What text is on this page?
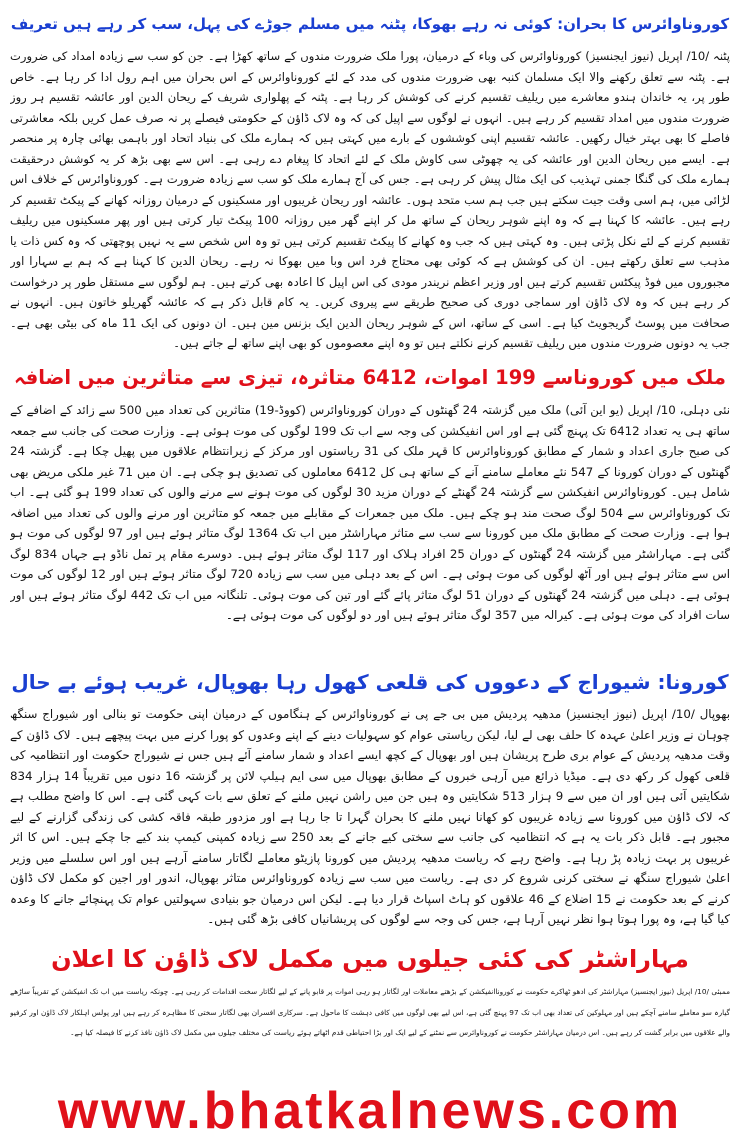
کوروناوائرس کا بحران: کوئی نہ رہے بھوکا، پٹنہ میں مسلم جوڑے کی پہل، سب کر رہے ہیں تعریف

پٹنہ /10/ اپریل (نیوز ایجنسیز) کوروناوائرس کی وباء کے درمیان، پورا ملک ضرورت مندوں کے ساتھ کھڑا ہے۔ جن کو سب سے زیادہ امداد کی ضرورت ہے۔ پٹنہ سے تعلق رکھنے والا ایک مسلمان کنبہ بھی ضرورت مندوں کی مدد کے لئے کوروناوائرس کے اس بحران میں اہم رول ادا کر رہا ہے۔ خاص طور پر، یہ خاندان ہندو معاشرے میں ریلیف تقسیم کرنے کی کوشش کر رہا ہے۔ پٹنہ کے پھلواری شریف کے ریحان الدین اور عائشہ تقسیم ہر روز ضرورت مندوں میں امداد تقسیم کر رہے ہیں۔ انہوں نے لوگوں سے اپیل کی کہ وہ لاک ڈاؤن کے حکومتی فیصلے پر نہ صرف عمل کریں بلکہ معاشرتی فاصلے کا بھی بہتر خیال رکھیں۔ عائشہ تقسیم اپنی کوششوں کے بارے میں کہتی ہیں کہ ہمارے ملک کی بنیاد اتحاد اور باہمی بھائی چارہ پر منحصر ہے۔ ایسے میں ریحان الدین اور عائشہ کی یہ چھوٹی سی کاوش ملک کے لئے اتحاد کا پیغام دے رہی ہے۔ اس سے بھی بڑھ کر یہ کوشش درحقیقت ہمارے ملک کی گنگا جمنی تہذیب کی ایک مثال پیش کر رہی ہے۔ جس کی آج ہمارے ملک کو سب سے زیادہ ضرورت ہے۔ کوروناوائرس کے خلاف اس لڑائی میں، ہم اسی وقت جیت سکتے ہیں جب ہم سب متحد ہوں۔ عائشہ اور ریحان غریبوں اور مسکینوں کے درمیان روزانہ کھانے کے پیکٹ تقسیم کر رہے ہیں۔ عائشہ کا کہنا ہے کہ وہ اپنے شوہر ریحان کے ساتھ مل کر اپنے گھر میں روزانہ 100 پیکٹ تیار کرتی ہیں اور پھر مسکینوں میں ریلیف تقسیم کرنے کے لئے نکل پڑتی ہیں۔ وہ کہتی ہیں کہ جب وہ کھانے کا پیکٹ تقسیم کرتی ہیں تو وہ اس شخص سے یہ نہیں پوچھتی کہ وہ کس ذات یا مذہب سے تعلق رکھتے ہیں۔ ان کی کوشش ہے کہ کوئی بھی محتاج فرد اس وبا میں بھوکا نہ رہے۔ ریحان الدین کا کہنا ہے کہ ہم بے سہارا اور مجبوروں میں فوڈ پیکٹس تقسیم کرتے ہیں اور وزیر اعظم نریندر مودی کی اس اپیل کا اعادہ بھی کرتے ہیں۔ ہم لوگوں سے مستقل طور پر درخواست کر رہے ہیں کہ وہ لاک ڈاؤن اور سماجی دوری کی صحیح طریقے سے پیروی کریں۔ یہ کام قابل ذکر ہے کہ عائشہ گھریلو خاتون ہیں۔ انہوں نے صحافت میں پوسٹ گریجویٹ کیا ہے۔ اسی کے ساتھ، اس کے شوہر ریحان الدین ایک بزنس مین ہیں۔ ان دونوں کی ایک 11 ماہ کی بیٹی بھی ہے۔ جب یہ دونوں ضرورت مندوں میں ریلیف تقسیم کرنے نکلتے ہیں تو وہ اپنے معصوموں کو بھی اپنے ساتھ لے جاتے ہیں۔

ملک میں کوروناسے 199 اموات، 6412 متاثرہ، تیزی سے متاثرین میں اضافہ

نئی دہلی، 10/ اپریل (یو این آئی) ملک میں گزشتہ 24 گھنٹوں کے دوران کوروناوائرس (کووڈ-19) متاثرین کی تعداد میں 500 سے زائد کے اضافے کے ساتھ ہی یہ تعداد 6412 تک پہنچ گئی ہے اور اس انفیکشن کی وجہ سے اب تک 199 لوگوں کی موت ہوئی ہے۔ وزارت صحت کی جانب سے جمعہ کی صبح جاری اعداد و شمار کے مطابق کوروناوائرس کا قہر ملک کی 31 ریاستوں اور مرکز کے زیرانتظام علاقوں میں پھیل چکا ہے۔ گزشتہ 24 گھنٹوں کے دوران کورونا کے 547 نئے معاملے سامنے آنے کے ساتھ ہی کل 6412 معاملوں کی تصدیق ہو چکی ہے۔ ان میں 71 غیر ملکی مریض بھی شامل ہیں۔ کوروناوائرس انفیکشن سے گزشتہ 24 گھنٹے کے دوران مزید 30 لوگوں کی موت ہونے سے مرنے والوں کی تعداد 199 ہو گئی ہے۔ اب تک کوروناوائرس سے 504 لوگ صحت مند ہو چکے ہیں۔ ملک میں جمعرات کے مقابلے میں جمعہ کو متاثرین اور مرنے والوں کی تعداد میں اضافہ ہوا ہے۔ وزارت صحت کے مطابق ملک میں کورونا سے سب سے متاثر مہاراشٹر میں اب تک 1364 لوگ متاثر ہوئے ہیں اور 97 لوگوں کی موت ہو گئی ہے۔ مہاراشٹر میں گزشتہ 24 گھنٹوں کے دوران 25 افراد ہلاک اور 117 لوگ متاثر ہوئے ہیں۔ دوسرے مقام پر تمل ناڈو ہے جہاں 834 لوگ اس سے متاثر ہوئے ہیں اور آٹھ لوگوں کی موت ہوئی ہے۔ اس کے بعد دہلی میں سب سے زیادہ 720 لوگ متاثر ہوئے ہیں اور 12 لوگوں کی موت ہوئی ہے۔ دہلی میں گزشتہ 24 گھنٹوں کے دوران 51 لوگ متاثر پائے گئے اور تین کی موت ہوئی۔ تلنگانہ میں اب تک 442 لوگ متاثر ہوئے ہیں اور سات افراد کی موت ہوئی ہے۔ کیرالہ میں 357 لوگ متاثر ہوئے ہیں اور دو لوگوں کی موت ہوئی ہے۔

کورونا: شیوراج کے دعووں کی قلعی کھول رہا بھوپال، غریب ہوئے بے حال

بھوپال /10/ اپریل (نیوز ایجنسیز) مدھیہ پردیش میں بی جے پی نے کوروناوائرس کے ہنگاموں کے درمیان اپنی حکومت تو بنالی اور شیوراج سنگھ چوہان نے وزیر اعلیٰ عہدہ کا حلف بھی لے لیا، لیکن ریاستی عوام کو سہولیات دینے کے اپنے وعدوں کو پورا کرنے میں بہت پیچھے ہیں۔ لاک ڈاؤن کے وقت مدھیہ پردیش کے عوام بری طرح پریشان ہیں اور بھوپال کے کچھ ایسے اعداد و شمار سامنے آئے ہیں جس نے شیوراج حکومت اور انتظامیہ کی قلعی کھول کر رکھ دی ہے۔ میڈیا ذرائع میں آرہی خبروں کے مطابق بھوپال میں سی ایم ہیلپ لائن پر گزشتہ 16 دنوں میں تقریباً 14 ہزار 834 شکایتیں آئی ہیں اور ان میں سے 9 ہزار 513 شکایتیں وہ ہیں جن میں راشن نہیں ملنے کے تعلق سے بات کہی گئی ہے۔ اس کا واضح مطلب ہے کہ لاک ڈاؤن میں کورونا سے زیادہ غریبوں کو کھانا نہیں ملنے کا بحران گہرا تا جا رہا ہے اور مزدور طبقہ فاقہ کشی کی زندگی گزارنے کے لیے مجبور ہے۔ قابل ذکر بات یہ ہے کہ انتظامیہ کی جانب سے سختی کیے جانے کے بعد 250 سے زیادہ کمپنی کیمپ بند کیے جا چکے ہیں۔ اس کا اثر غریبوں پر بہت زیادہ پڑ رہا ہے۔ واضح رہے کہ ریاست مدھیہ پردیش میں کورونا پازیٹو معاملے لگاتار سامنے آرہے ہیں اور اس سلسلے میں وزیر اعلیٰ شیوراج سنگھ نے سختی کرنی شروع کر دی ہے۔ ریاست میں سب سے زیادہ کوروناوائرس متاثر بھوپال، اندور اور اجین کو مکمل لاک ڈاؤن کرنے کے بعد حکومت نے 15 اضلاع کے 46 علاقوں کو ہاٹ اسپاٹ قرار دیا ہے۔ لیکن اس درمیان جو بنیادی سہولتیں عوام تک پہنچائے جانے کا وعدہ کیا گیا ہے، وہ پورا ہوتا ہوا نظر نہیں آرہا ہے، جس کی وجہ سے لوگوں کی پریشانیاں کافی بڑھ گئی ہیں۔

مہاراشٹر کی کئی جیلوں میں مکمل لاک ڈاؤن کا اعلان

ممبئی /10/ اپریل (نیوز ایجنسیز) مہاراشٹر کی ادھو ٹھاکرے حکومت نے کوروناانفیکشن کے بڑھتے معاملات اور لگاتار ہو رہی اموات پر قابو پانے کے لیے لگاتار سخت اقدامات کر رہی ہے۔ چونکہ ریاست میں اب تک انفیکشن کے تقریباً ساڑھے گیارہ سو معاملے سامنے آچکے ہیں اور مہلوکین کی تعداد بھی اب تک 97 پہنچ گئی ہے، اس لیے بھی لوگوں میں کافی دہشت کا ماحول ہے۔ سرکاری افسران بھی لگاتار سختی کا مظاہرہ کر رہے ہیں اور پولس اہلکار لاک ڈاؤن اور کرفیو والے علاقوں میں برابر گشت کر رہے ہیں۔ اس درمیان مہاراشٹر حکومت نے کوروناوائرس سے نمٹنے کے لیے ایک اور بڑا احتیاطی قدم اٹھاتے ہوئے ریاست کی مختلف جیلوں میں مکمل لاک ڈاؤن نافذ کرنے کا فیصلہ کیا ہے۔

www.bhatkalnews.com
